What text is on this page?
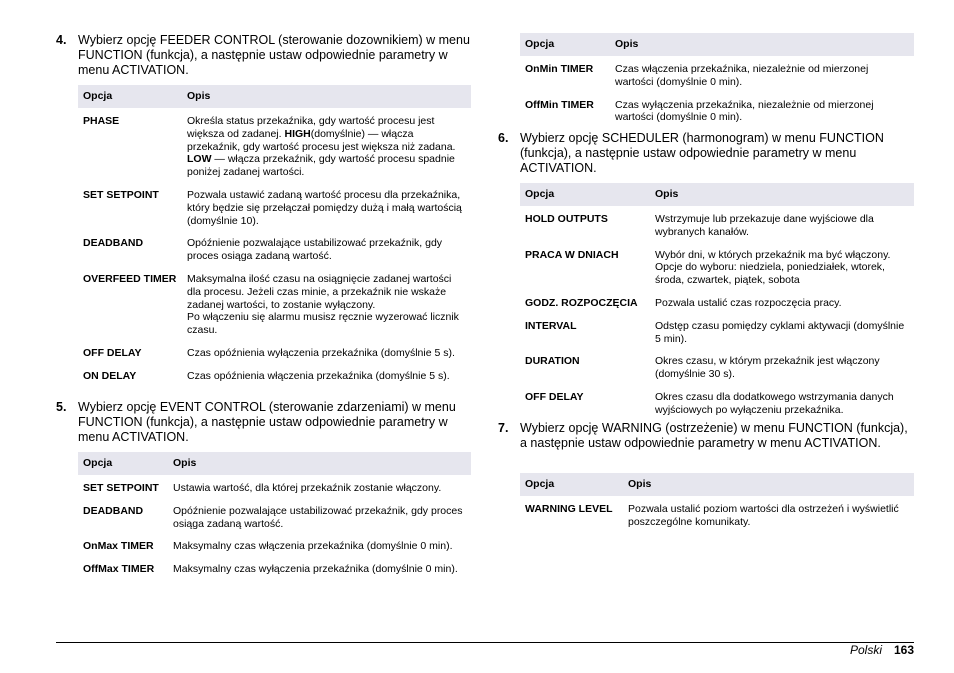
4. Wybierz opcję FEEDER CONTROL (sterowanie dozownikiem) w menu FUNCTION (funkcja), a następnie ustaw odpowiednie parametry w menu ACTIVATION.
Opcja	Opis
PHASE	Określa status przekaźnika, gdy wartość procesu jest większa od zadanej. HIGH(domyślnie) — włącza przekaźnik, gdy wartość procesu jest większa niż zadana. LOW — włącza przekaźnik, gdy wartość procesu spadnie poniżej zadanej wartości.
SET SETPOINT	Pozwala ustawić zadaną wartość procesu dla przekaźnika, który będzie się przełączał pomiędzy dużą i małą wartością (domyślnie 10).
DEADBAND	Opóźnienie pozwalające ustabilizować przekaźnik, gdy proces osiąga zadaną wartość.
OVERFEED TIMER	Maksymalna ilość czasu na osiągnięcie zadanej wartości dla procesu. Jeżeli czas minie, a przekaźnik nie wskaże zadanej wartości, to zostanie wyłączony.
Po włączeniu się alarmu musisz ręcznie wyzerować licznik czasu.

OFF DELAY	Czas opóźnienia wyłączenia przekaźnika (domyślnie 5 s).
ON DELAY	Czas opóźnienia włączenia przekaźnika (domyślnie 5 s).
5. Wybierz opcję EVENT CONTROL (sterowanie zdarzeniami) w menu FUNCTION (funkcja), a następnie ustaw odpowiednie parametry w menu ACTIVATION.
Opcja	Opis
SET SETPOINT	Ustawia wartość, dla której przekaźnik zostanie włączony.
DEADBAND	Opóźnienie pozwalające ustabilizować przekaźnik, gdy proces osiąga zadaną wartość.
OnMax TIMER	Maksymalny czas włączenia przekaźnika (domyślnie 0 min).
OffMax TIMER	Maksymalny czas wyłączenia przekaźnika (domyślnie 0 min).
Opcja	Opis
OnMin TIMER	Czas włączenia przekaźnika, niezależnie od mierzonej wartości (domyślnie 0 min).
OffMin TIMER	Czas wyłączenia przekaźnika, niezależnie od mierzonej wartości (domyślnie 0 min).
6. Wybierz opcję SCHEDULER (harmonogram) w menu FUNCTION (funkcja), a następnie ustaw odpowiednie parametry w menu ACTIVATION.
Opcja	Opis
HOLD OUTPUTS	Wstrzymuje lub przekazuje dane wyjściowe dla wybranych kanałów.
PRACA W DNIACH	Wybór dni, w których przekaźnik ma być włączony. Opcje do wyboru: niedziela, poniedziałek, wtorek, środa, czwartek, piątek, sobota
GODZ. ROZPOCZĘCIA	Pozwala ustalić czas rozpoczęcia pracy.
INTERVAL	Odstęp czasu pomiędzy cyklami aktywacji (domyślnie 5 min).
DURATION	Okres czasu, w którym przekaźnik jest włączony (domyślnie 30 s).
OFF DELAY	Okres czasu dla dodatkowego wstrzymania danych wyjściowych po wyłączeniu przekaźnika.
7. Wybierz opcję WARNING (ostrzeżenie) w menu FUNCTION (funkcja), a następnie ustaw odpowiednie parametry w menu ACTIVATION.
Opcja	Opis
WARNING LEVEL	Pozwala ustalić poziom wartości dla ostrzeżeń i wyświetlić poszczególne komunikaty.
Polski 163
